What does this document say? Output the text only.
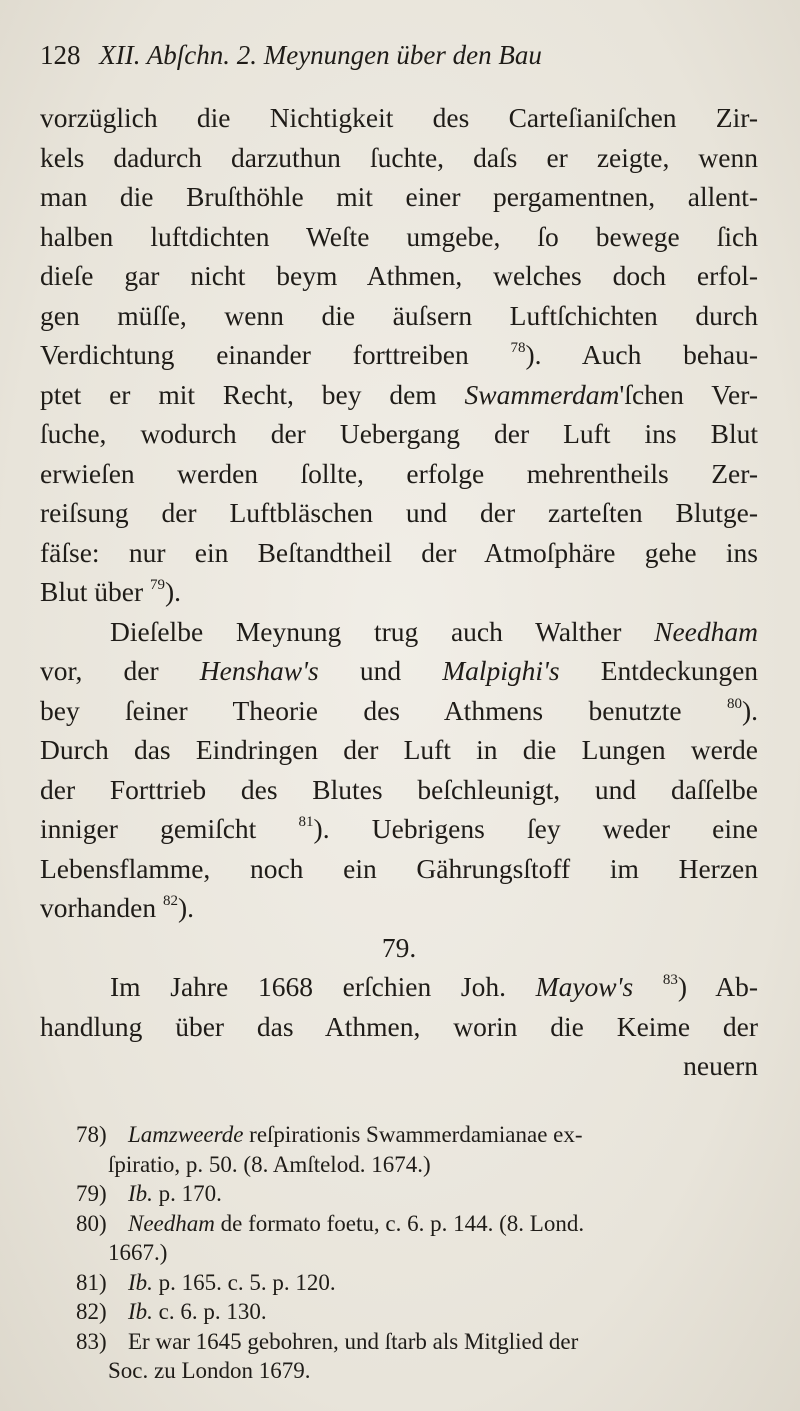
128 XII. Abſchn. 2. Meynungen über den Bau
vorzüglich die Nichtigkeit des Carteſianiſchen Zir-
kels dadurch darzuthun ſuchte, daſs er zeigte, wenn
man die Bruſthöhle mit einer pergamentnen, allent-
halben luftdichten Weſte umgebe, ſo bewege ſich
dieſe gar nicht beym Athmen, welches doch erfol-
gen müſſe, wenn die äuſsern Luftſchichten durch
Verdichtung einander forttreiben $^{78}$). Auch behau-
ptet er mit Recht, bey dem Swammerdam'ſchen Ver-
ſuche, wodurch der Uebergang der Luft ins Blut
erwieſen werden ſollte, erfolge mehrentheils Zer-
reiſsung der Luftbläschen und der zarteſten Blutge-
fäſse: nur ein Beſtandtheil der Atmoſphäre gehe ins
Blut über $^{79}$).
Dieſelbe Meynung trug auch Walther Needham
vor, der Henshaw's und Malpighi's Entdeckungen
bey ſeiner Theorie des Athmens benutzte $^{80}$).
Durch das Eindringen der Luft in die Lungen werde
der Forttrieb des Blutes beſchleunigt, und daſſelbe
inniger gemiſcht $^{81}$). Uebrigens ſey weder eine
Lebensflamme, noch ein Gährungsſtoff im Herzen
vorhanden $^{82}$).
79.
Im Jahre 1668 erſchien Joh. Mayow's $^{83}$) Ab-
handlung über das Athmen, worin die Keime der
neuern
78) Lamzweerde reſpirationis Swammerdamianae ex-
ſpiratio, p. 50. (8. Amſtelod. 1674.)
79) Ib. p. 170.
80) Needham de formato foetu, c. 6. p. 144. (8. Lond.
1667.)
81) Ib. p. 165. c. 5. p. 120.
82) Ib. c. 6. p. 130.
83) Er war 1645 gebohren, und ſtarb als Mitglied der
Soc. zu London 1679.
